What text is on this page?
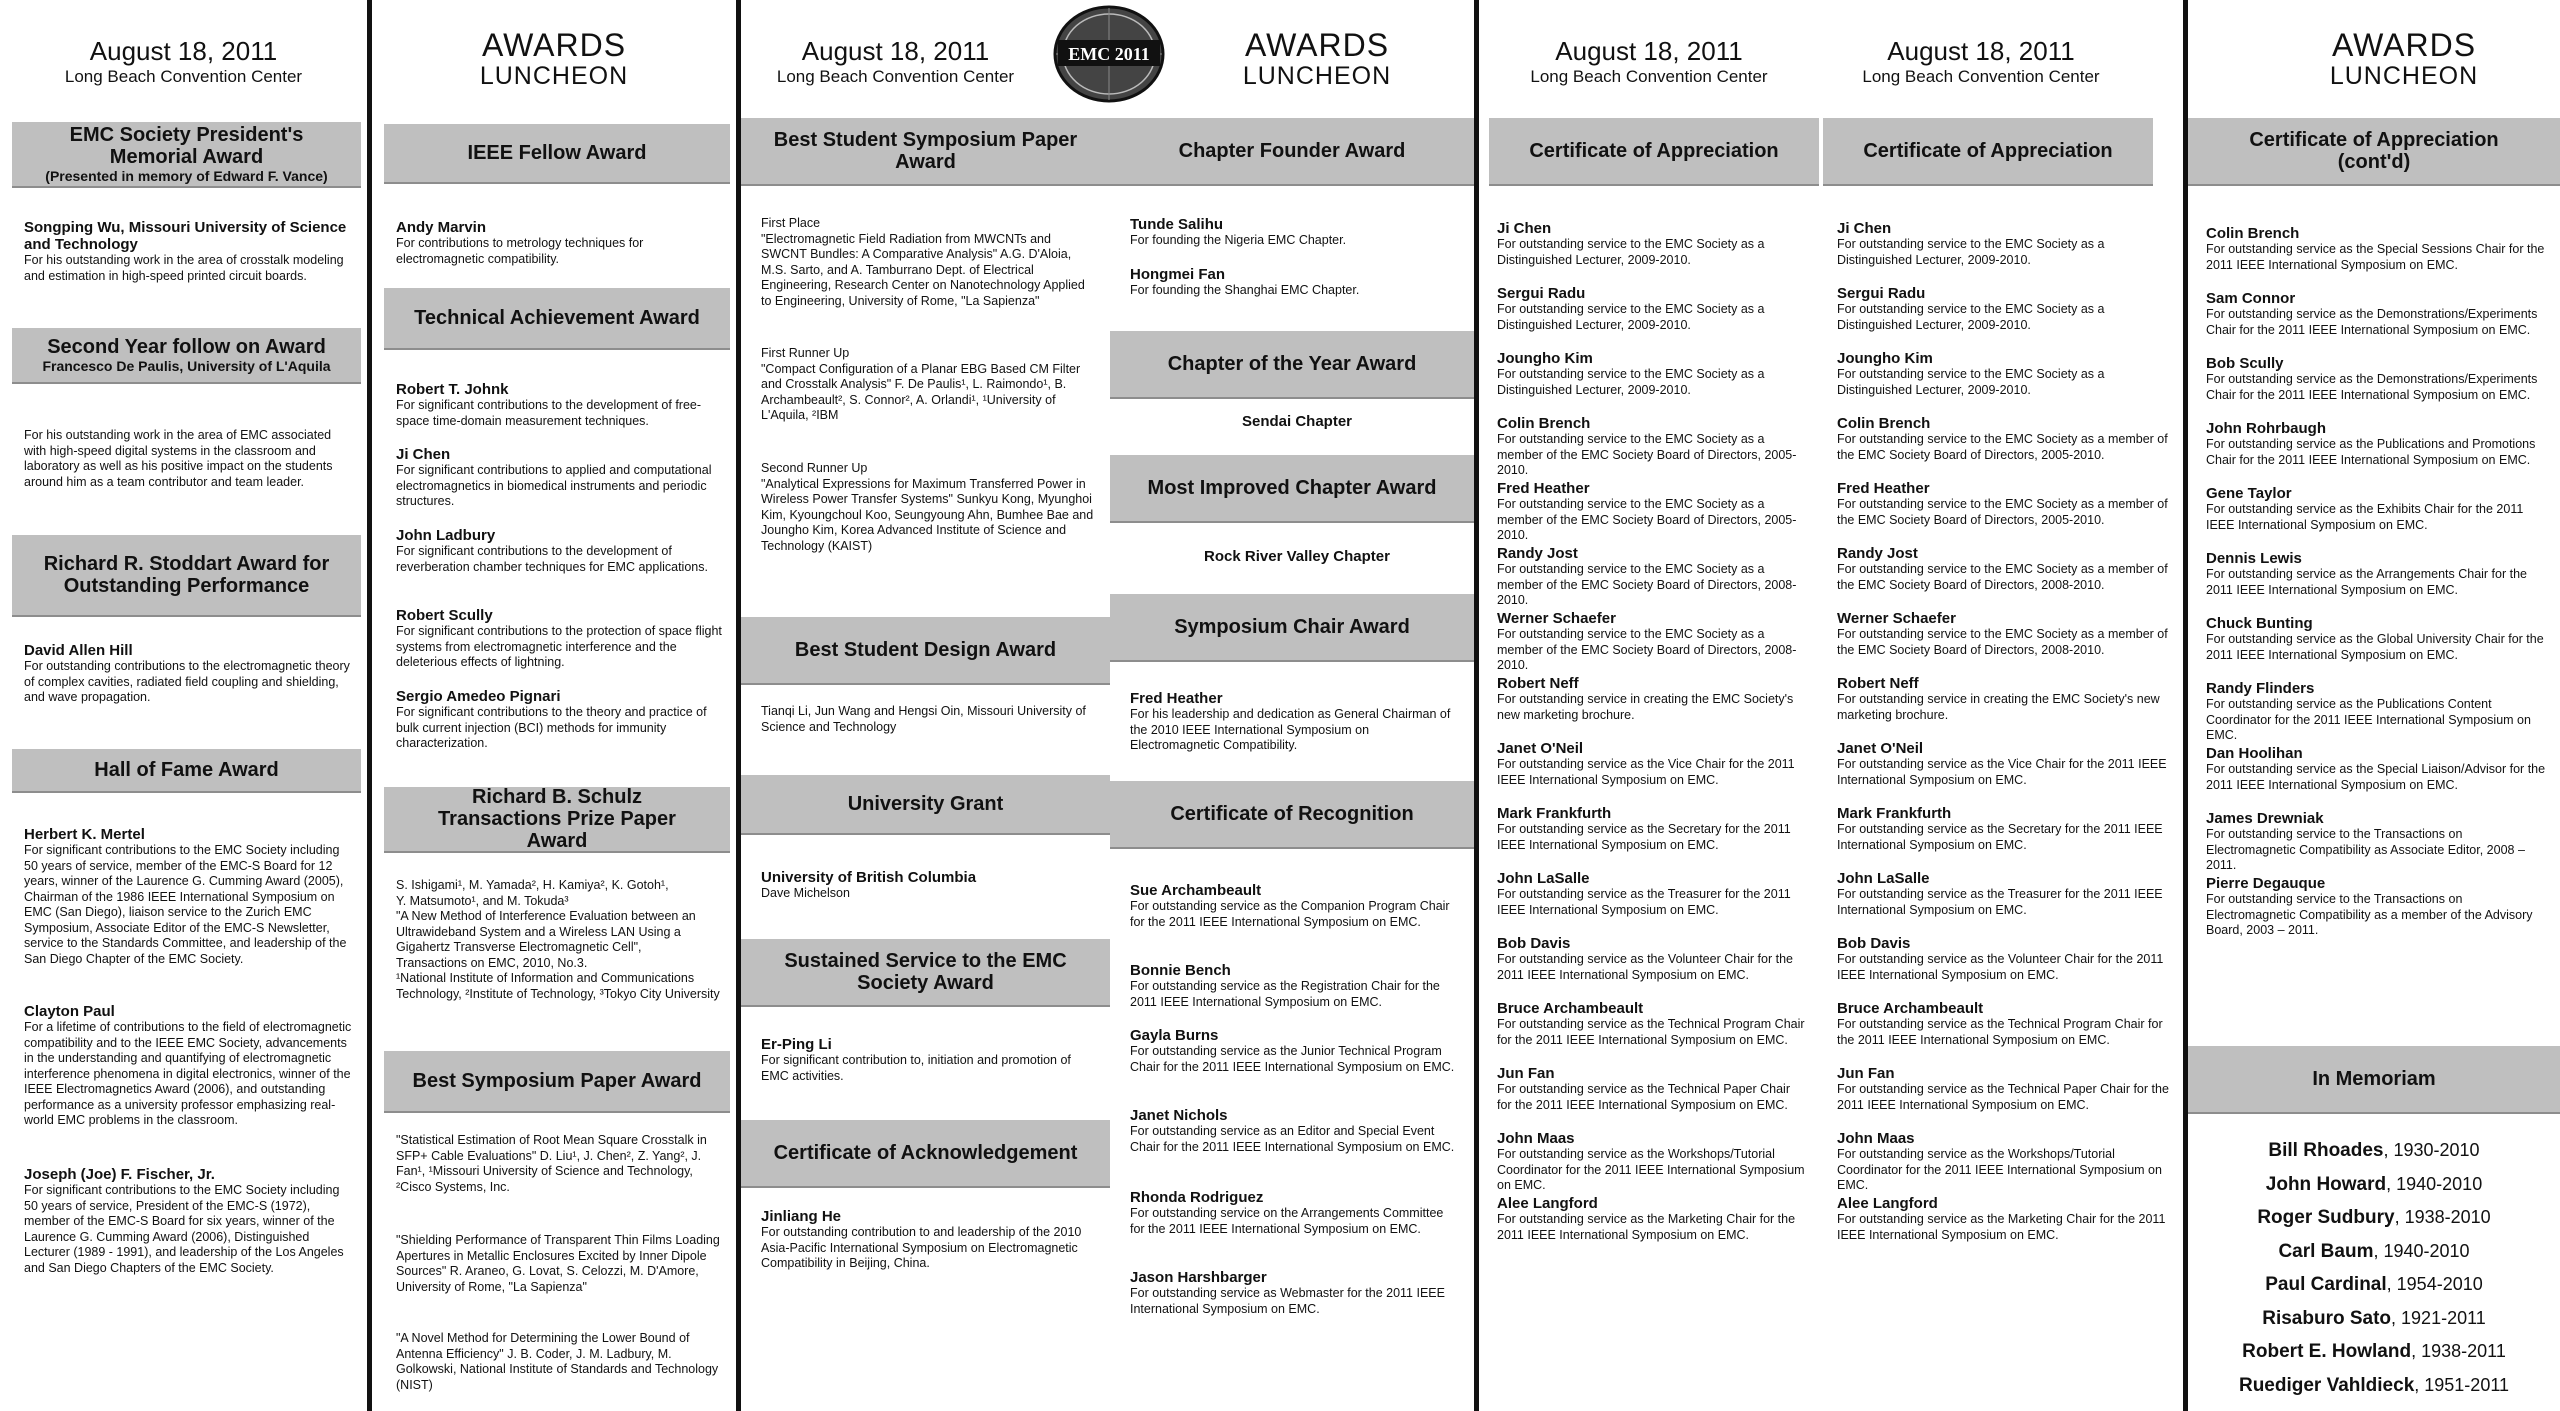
EMC 2011
August 18, 2011
Long Beach Convention Center
EMC Society President's Memorial Award
(Presented in memory of Edward F. Vance)
Songping Wu, Missouri University of Science and Technology
For his outstanding work in the area of crosstalk modeling and estimation in high-speed printed circuit boards.
Second Year follow on Award
Francesco De Paulis, University of L'Aquila
For his outstanding work in the area of EMC associated with high-speed digital systems in the classroom and laboratory as well as his positive impact on the students around him as a team contributor and team leader.
Richard R. Stoddart Award for Outstanding Performance
David Allen Hill
For outstanding contributions to the electromagnetic theory of complex cavities, radiated field coupling and shielding, and wave propagation.
Hall of Fame Award
Herbert K. Mertel
For significant contributions to the EMC Society including 50 years of service, member of the EMC-S Board for 12 years, winner of the Laurence G. Cumming Award (2005), Chairman of the 1986 IEEE International Symposium on EMC (San Diego), liaison service to the Zurich EMC Symposium, Associate Editor of the EMC-S Newsletter, service to the Standards Committee, and leadership of the San Diego Chapter of the EMC Society.
Clayton Paul
For a lifetime of contributions to the field of electromagnetic compatibility and to the IEEE EMC Society, advancements in the understanding and quantifying of electromagnetic interference phenomena in digital electronics, winner of the IEEE Electromagnetics Award (2006), and outstanding performance as a university professor emphasizing real-world EMC problems in the classroom.
Joseph (Joe) F. Fischer, Jr.
For significant contributions to the EMC Society including 50 years of service, President of the EMC-S (1972), member of the EMC-S Board for six years, winner of the Laurence G. Cumming Award (2006), Distinguished Lecturer (1989 - 1991), and leadership of the Los Angeles and San Diego Chapters of the EMC Society.
AWARDS
LUNCHEON
IEEE Fellow Award
Andy Marvin
For contributions to metrology techniques for electromagnetic compatibility.
Technical Achievement Award
Robert T. Johnk
For significant contributions to the development of free-space time-domain measurement techniques.
Ji Chen
For significant contributions to applied and computational electromagnetics in biomedical instruments and periodic structures.
John Ladbury
For significant contributions to the development of reverberation chamber techniques for EMC applications.
Robert Scully
For significant contributions to the protection of space flight systems from electromagnetic interference and the deleterious effects of lightning.
Sergio Amedeo Pignari
For significant contributions to the theory and practice of bulk current injection (BCI) methods for immunity characterization.
Richard B. Schulz Transactions Prize Paper Award
S. Ishigami¹, M. Yamada², H. Kamiya², K. Gotoh¹,
Y. Matsumoto¹, and M. Tokuda³
"A New Method of Interference Evaluation between an Ultrawideband System and a Wireless LAN Using a Gigahertz Transverse Electromagnetic Cell",
Transactions on EMC, 2010, No.3.
¹National Institute of Information and Communications Technology, ²Institute of Technology, ³Tokyo City University
Best Symposium Paper Award
"Statistical Estimation of Root Mean Square Crosstalk in SFP+ Cable Evaluations" D. Liu¹, J. Chen², Z. Yang², J. Fan¹, ¹Missouri University of Science and Technology, ²Cisco Systems, Inc.
"Shielding Performance of Transparent Thin Films Loading Apertures in Metallic Enclosures Excited by Inner Dipole Sources" R. Araneo, G. Lovat, S. Celozzi, M. D'Amore, University of Rome, "La Sapienza"
"A Novel Method for Determining the Lower Bound of Antenna Efficiency" J. B. Coder, J. M. Ladbury, M. Golkowski, National Institute of Standards and Technology (NIST)
August 18, 2011
Long Beach Convention Center
Best Student Symposium Paper Award
First Place
"Electromagnetic Field Radiation from MWCNTs and SWCNT Bundles: A Comparative Analysis" A.G. D'Aloia, M.S. Sarto, and A. Tamburrano Dept. of Electrical Engineering, Research Center on Nanotechnology Applied to Engineering, University of Rome, "La Sapienza"
First Runner Up
"Compact Configuration of a Planar EBG Based CM Filter and Crosstalk Analysis" F. De Paulis¹, L. Raimondo¹, B. Archambeault², S. Connor², A. Orlandi¹, ¹University of L'Aquila, ²IBM
Second Runner Up
"Analytical Expressions for Maximum Transferred Power in Wireless Power Transfer Systems" Sunkyu Kong, Myunghoi Kim, Kyoungchoul Koo, Seungyoung Ahn, Bumhee Bae and Joungho Kim, Korea Advanced Institute of Science and Technology (KAIST)
Best Student Design Award
Tianqi Li, Jun Wang and Hengsi Oin, Missouri University of Science and Technology
University Grant
University of British Columbia
Dave Michelson
Sustained Service to the EMC Society Award
Er-Ping Li
For significant contribution to, initiation and promotion of EMC activities.
Certificate of Acknowledgement
Jinliang He
For outstanding contribution to and leadership of the 2010 Asia-Pacific International Symposium on Electromagnetic Compatibility in Beijing, China.
AWARDS
LUNCHEON
Chapter Founder Award
Tunde Salihu
For founding the Nigeria EMC Chapter.
Hongmei Fan
For founding the Shanghai EMC Chapter.
Chapter of the Year Award
Sendai Chapter
Most Improved Chapter Award
Rock River Valley Chapter
Symposium Chair Award
Fred Heather
For his leadership and dedication as General Chairman of the 2010 IEEE International Symposium on Electromagnetic Compatibility.
Certificate of Recognition
Sue Archambeault
For outstanding service as the Companion Program Chair for the 2011 IEEE International Symposium on EMC.
Bonnie Bench
For outstanding service as the Registration Chair for the 2011 IEEE International Symposium on EMC.
Gayla Burns
For outstanding service as the Junior Technical Program Chair for the 2011 IEEE International Symposium on EMC.
Janet Nichols
For outstanding service as an Editor and Special Event Chair for the 2011 IEEE International Symposium on EMC.
Rhonda Rodriguez
For outstanding service on the Arrangements Committee for the 2011 IEEE International Symposium on EMC.
Jason Harshbarger
For outstanding service as Webmaster for the 2011 IEEE International Symposium on EMC.
August 18, 2011
Long Beach Convention Center
Certificate of Appreciation
Ji Chen
For outstanding service to the EMC Society as a Distinguished Lecturer, 2009-2010.
Sergui Radu
For outstanding service to the EMC Society as a Distinguished Lecturer, 2009-2010.
Joungho Kim
For outstanding service to the EMC Society as a Distinguished Lecturer, 2009-2010.
Colin Brench
For outstanding service to the EMC Society as a member of the EMC Society Board of Directors, 2005-2010.
Fred Heather
For outstanding service to the EMC Society as a member of the EMC Society Board of Directors, 2005-2010.
Randy Jost
For outstanding service to the EMC Society as a member of the EMC Society Board of Directors, 2008-2010.
Werner Schaefer
For outstanding service to the EMC Society as a member of the EMC Society Board of Directors, 2008-2010.
Robert Neff
For outstanding service in creating the EMC Society's new marketing brochure.
Janet O'Neil
For outstanding service as the Vice Chair for the 2011 IEEE International Symposium on EMC.
Mark Frankfurth
For outstanding service as the Secretary for the 2011 IEEE International Symposium on EMC.
John LaSalle
For outstanding service as the Treasurer for the 2011 IEEE International Symposium on EMC.
Bob Davis
For outstanding service as the Volunteer Chair for the 2011 IEEE International Symposium on EMC.
Bruce Archambeault
For outstanding service as the Technical Program Chair for the 2011 IEEE International Symposium on EMC.
Jun Fan
For outstanding service as the Technical Paper Chair for the 2011 IEEE International Symposium on EMC.
John Maas
For outstanding service as the Workshops/Tutorial Coordinator for the 2011 IEEE International Symposium on EMC.
Alee Langford
For outstanding service as the Marketing Chair for the 2011 IEEE International Symposium on EMC.
August 18, 2011
Long Beach Convention Center
Certificate of Appreciation
Ji Chen
For outstanding service to the EMC Society as a Distinguished Lecturer, 2009-2010.
Sergui Radu
For outstanding service to the EMC Society as a Distinguished Lecturer, 2009-2010.
Joungho Kim
For outstanding service to the EMC Society as a Distinguished Lecturer, 2009-2010.
Colin Brench
For outstanding service to the EMC Society as a member of the EMC Society Board of Directors, 2005-2010.
Fred Heather
For outstanding service to the EMC Society as a member of the EMC Society Board of Directors, 2005-2010.
Randy Jost
For outstanding service to the EMC Society as a member of the EMC Society Board of Directors, 2008-2010.
Werner Schaefer
For outstanding service to the EMC Society as a member of the EMC Society Board of Directors, 2008-2010.
Robert Neff
For outstanding service in creating the EMC Society's new marketing brochure.
Janet O'Neil
For outstanding service as the Vice Chair for the 2011 IEEE International Symposium on EMC.
Mark Frankfurth
For outstanding service as the Secretary for the 2011 IEEE International Symposium on EMC.
John LaSalle
For outstanding service as the Treasurer for the 2011 IEEE International Symposium on EMC.
Bob Davis
For outstanding service as the Volunteer Chair for the 2011 IEEE International Symposium on EMC.
Bruce Archambeault
For outstanding service as the Technical Program Chair for the 2011 IEEE International Symposium on EMC.
Jun Fan
For outstanding service as the Technical Paper Chair for the 2011 IEEE International Symposium on EMC.
John Maas
For outstanding service as the Workshops/Tutorial Coordinator for the 2011 IEEE International Symposium on EMC.
Alee Langford
For outstanding service as the Marketing Chair for the 2011 IEEE International Symposium on EMC.
AWARDS
LUNCHEON
Certificate of Appreciation (cont'd)
In Memoriam
Colin Brench
For outstanding service as the Special Sessions Chair for the 2011 IEEE International Symposium on EMC.
Sam Connor
For outstanding service as the Demonstrations/Experiments Chair for the 2011 IEEE International Symposium on EMC.
Bob Scully
For outstanding service as the Demonstrations/Experiments Chair for the 2011 IEEE International Symposium on EMC.
John Rohrbaugh
For outstanding service as the Publications and Promotions Chair for the 2011 IEEE International Symposium on EMC.
Gene Taylor
For outstanding service as the Exhibits Chair for the 2011 IEEE International Symposium on EMC.
Dennis Lewis
For outstanding service as the Arrangements Chair for the 2011 IEEE International Symposium on EMC.
Chuck Bunting
For outstanding service as the Global University Chair for the 2011 IEEE International Symposium on EMC.
Randy Flinders
For outstanding service as the Publications Content Coordinator for the 2011 IEEE International Symposium on EMC.
Dan Hoolihan
For outstanding service as the Special Liaison/Advisor for the 2011 IEEE International Symposium on EMC.
James Drewniak
For outstanding service to the Transactions on Electromagnetic Compatibility as Associate Editor, 2008 – 2011.
Pierre Degauque
For outstanding service to the Transactions on Electromagnetic Compatibility as a member of the Advisory Board, 2003 – 2011.
Bill Rhoades, 1930-2010
John Howard, 1940-2010
Roger Sudbury, 1938-2010
Carl Baum, 1940-2010
Paul Cardinal, 1954-2010
Risaburo Sato, 1921-2011
Robert E. Howland, 1938-2011
Ruediger Vahldieck, 1951-2011
